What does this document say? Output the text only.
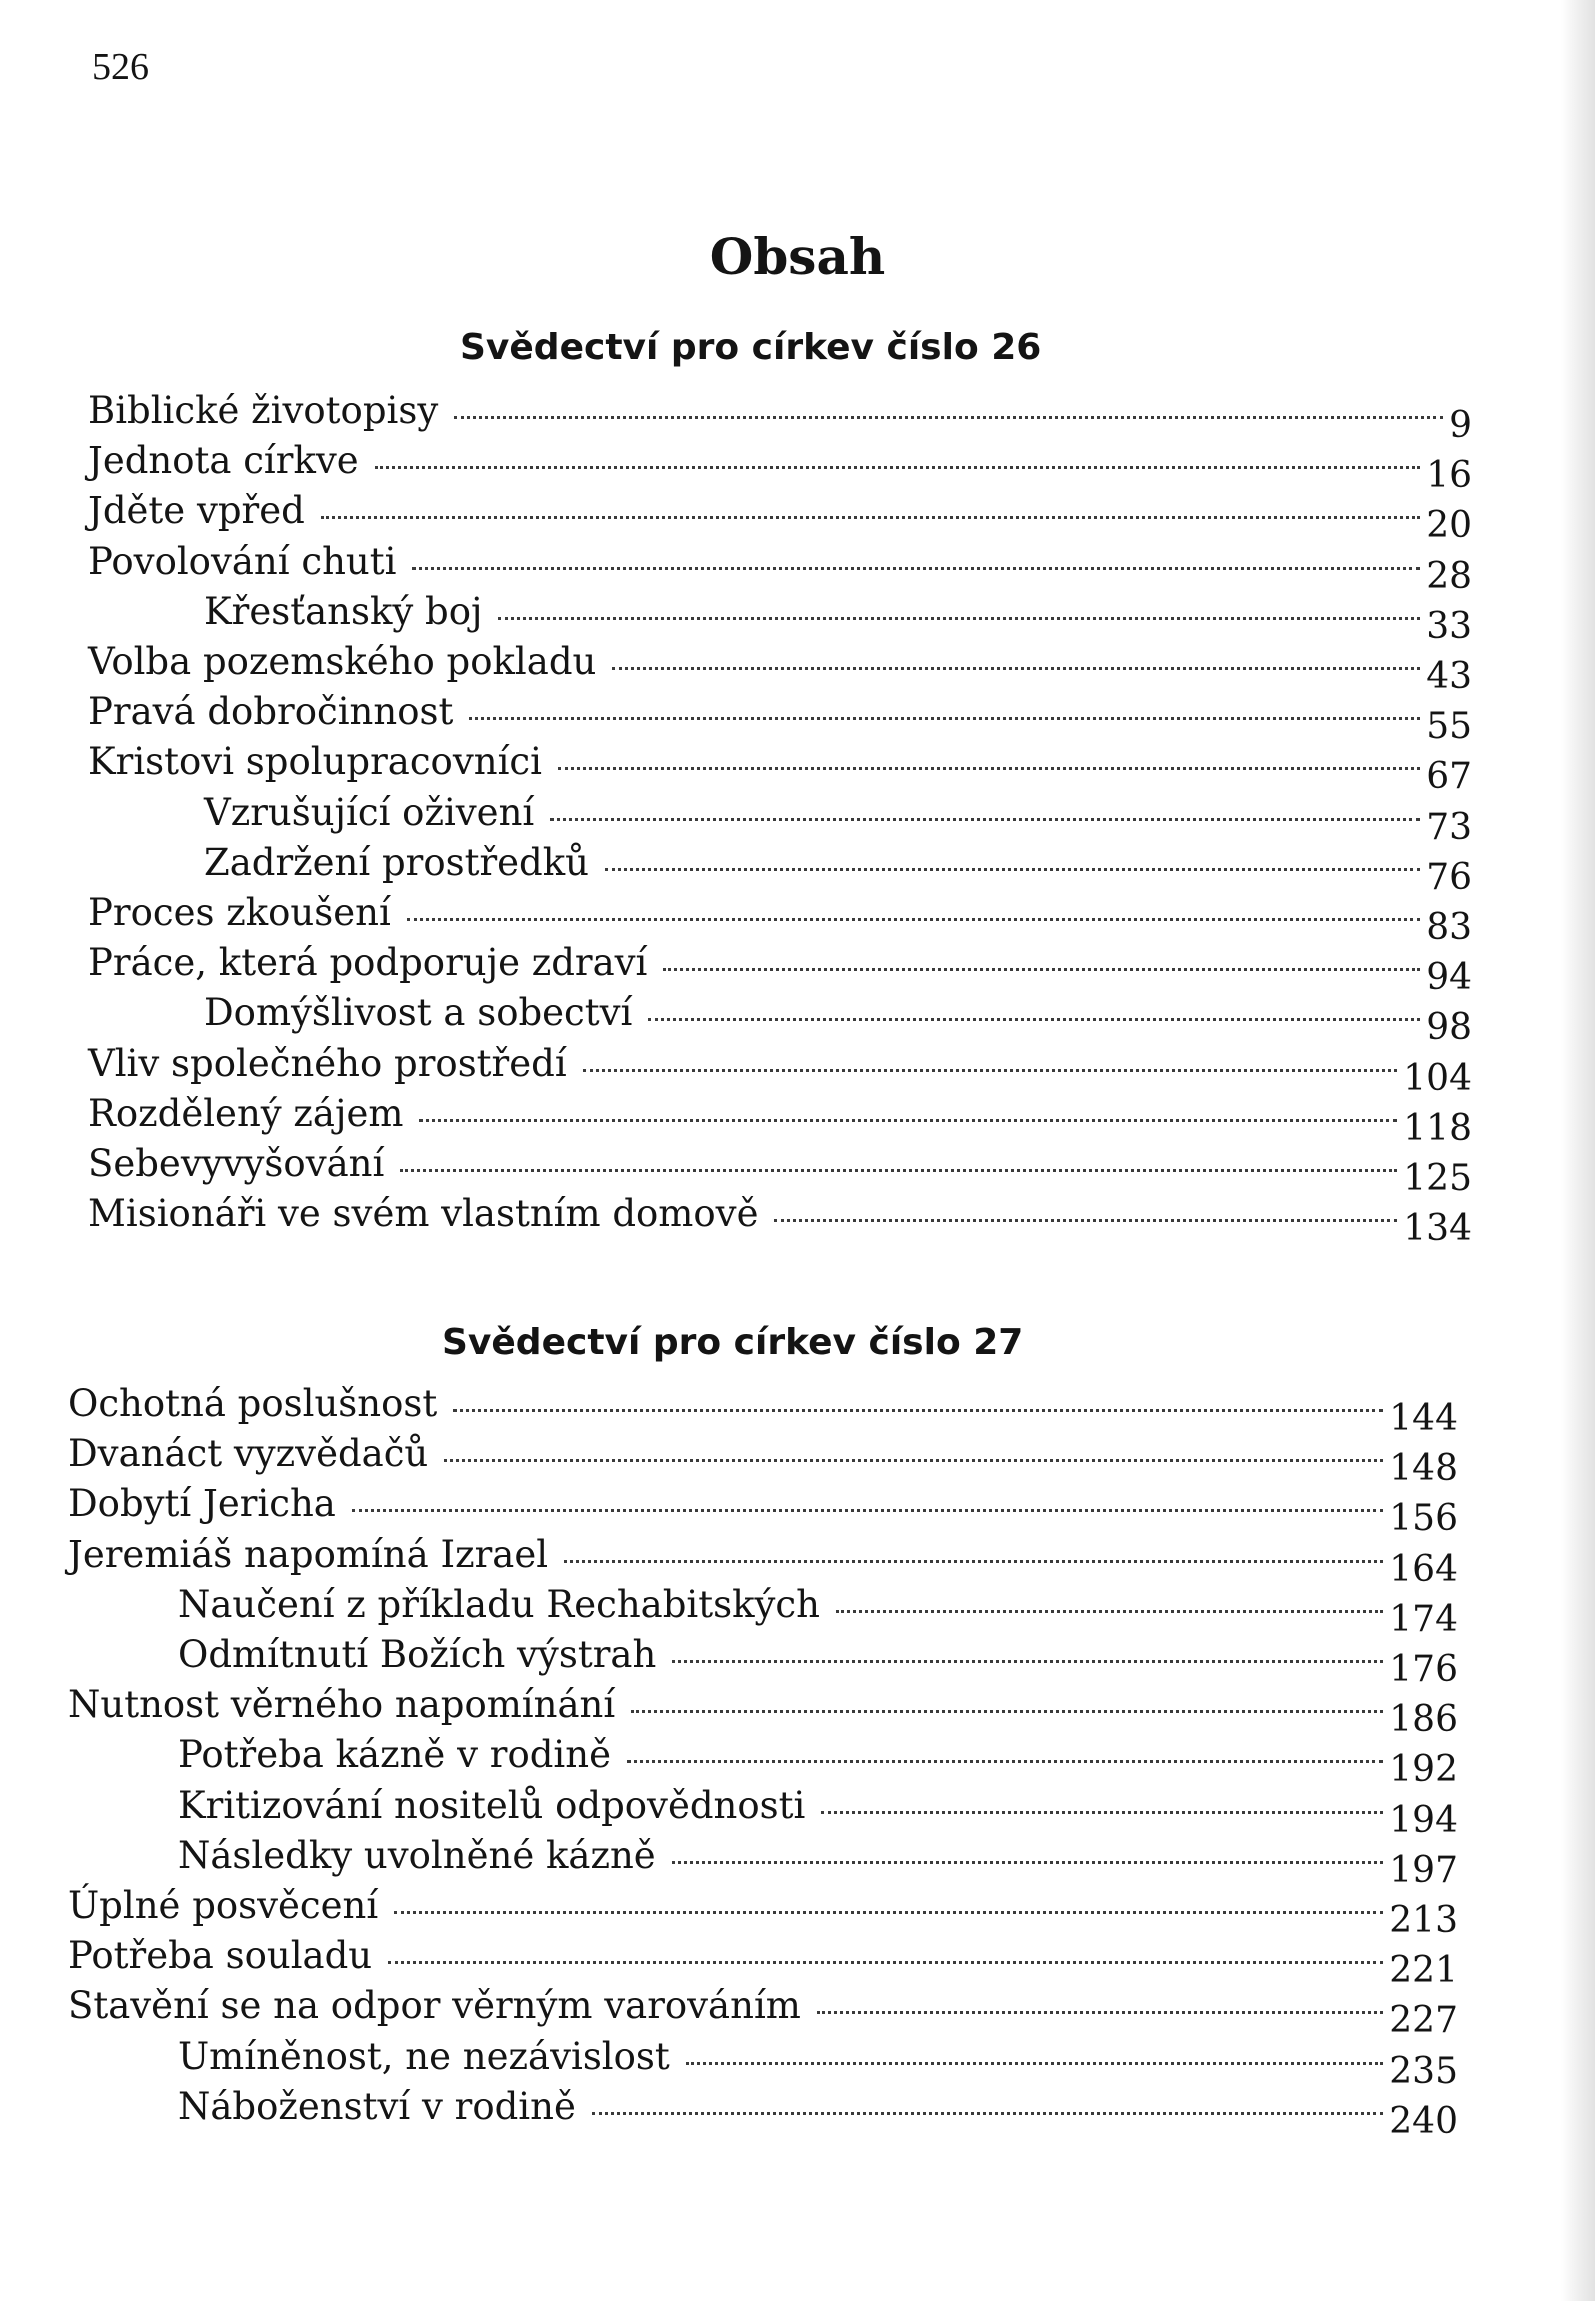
526
Obsah
Svědectví pro církev číslo 26
Biblické životopisy	9
Jednota církve	16
Jděte vpřed	20
Povolování chuti	28
Křesťanský boj	33
Volba pozemského pokladu	43
Pravá dobročinnost	55
Kristovi spolupracovníci	67
Vzrušující oživení	73
Zadržení prostředků	76
Proces zkoušení	83
Práce, která podporuje zdraví	94
Domýšlivost a sobectví	98
Vliv společného prostředí	104
Rozdělený zájem	118
Sebevyvyšování	125
Misionáři ve svém vlastním domově	134
Svědectví pro církev číslo 27
Ochotná poslušnost	144
Dvanáct vyzvědačů	148
Dobytí Jericha	156
Jeremiáš napomíná Izrael	164
Naučení z příkladu Rechabitských	174
Odmítnutí Božích výstrah	176
Nutnost věrného napomínání	186
Potřeba kázně v rodině	192
Kritizování nositelů odpovědnosti	194
Následky uvolněné kázně	197
Úplné posvěcení	213
Potřeba souladu	221
Stavění se na odpor věrným varováním	227
Umíněnost, ne nezávislost	235
Náboženství v rodině	240
